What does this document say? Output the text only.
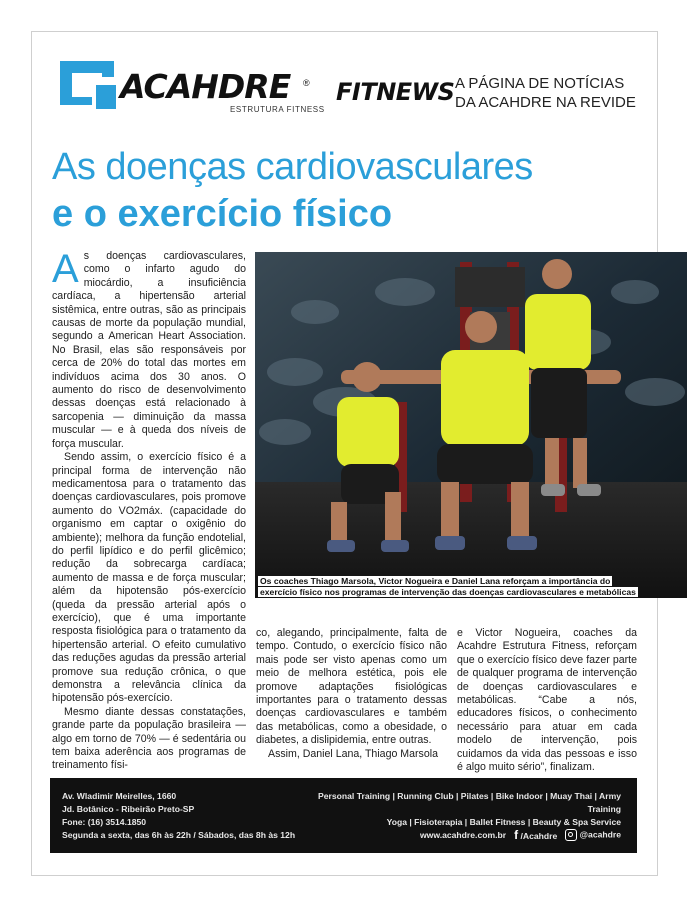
ACAHDRE ®
ESTRUTURA FITNESS
FITNEWS A PÁGINA DE NOTÍCIAS
DA ACAHDRE NA REVIDE
As doenças cardiovasculares
e o exercício físico

As doenças cardiovasculares, como o infarto agudo do miocárdio, a insuficiência cardíaca, a hipertensão arterial sistêmica, entre outras, são as principais causas de morte da população mundial, segundo a American Heart Association. No Brasil, elas são responsáveis por cerca de 20% do total das mortes em indivíduos acima dos 30 anos. O aumento do risco de desenvolvimento dessas doenças está relacionado à sarcopenia — diminuição da massa muscular — e à queda dos níveis de força muscular.

Sendo assim, o exercício físico é a principal forma de intervenção não medicamentosa para o tratamento das doenças cardiovasculares, pois promove aumento do VO2máx. (capacidade do organismo em captar o oxigênio do ambiente); melhora da função endotelial, do perfil lipídico e do perfil glicêmico; redução da sobrecarga cardíaca; aumento de massa e de força muscular; além da hipotensão pós-exercício (queda da pressão arterial após o exercício), que é uma importante resposta fisiológica para o tratamento da hipertensão arterial. O efeito cumulativo das reduções agudas da pressão arterial promove sua redução crônica, o que demonstra a relevância clínica da hipotensão pós-exercício.

Mesmo diante dessas constatações, grande parte da população brasileira — algo em torno de 70% — é sedentária ou tem baixa aderência aos programas de treinamento físi-

Os coaches Thiago Marsola, Victor Nogueira e Daniel Lana reforçam a importância do
exercício físico nos programas de intervenção das doenças cardiovasculares e metabólicas

co, alegando, principalmente, falta de tempo. Contudo, o exercício físico não mais pode ser visto apenas como um meio de melhora estética, pois ele promove adaptações fisiológicas importantes para o tratamento dessas doenças cardiovasculares e também das metabólicas, como a obesidade, o diabetes, a dislipidemia, entre outras.

Assim, Daniel Lana, Thiago Marsola

e Victor Nogueira, coaches da Acahdre Estrutura Fitness, reforçam que o exercício físico deve fazer parte de qualquer programa de intervenção de doenças cardiovasculares e metabólicas. “Cabe a nós, educadores físicos, o conhecimento necessário para atuar em cada modelo de intervenção, pois cuidamos da vida das pessoas e isso é algo muito sério”, finalizam.

Av. Wladimir Meirelles, 1660
Jd. Botânico - Ribeirão Preto-SP
Fone: (16) 3514.1850
Segunda a sexta, das 6h às 22h / Sábados, das 8h às 12h
Personal Training | Running Club | Pilates | Bike Indoor | Muay Thai | Army Training
Yoga | Fisioterapia | Ballet Fitness | Beauty & Spa Service
www.acahdre.com.br f /Acahdre	@acahdre
